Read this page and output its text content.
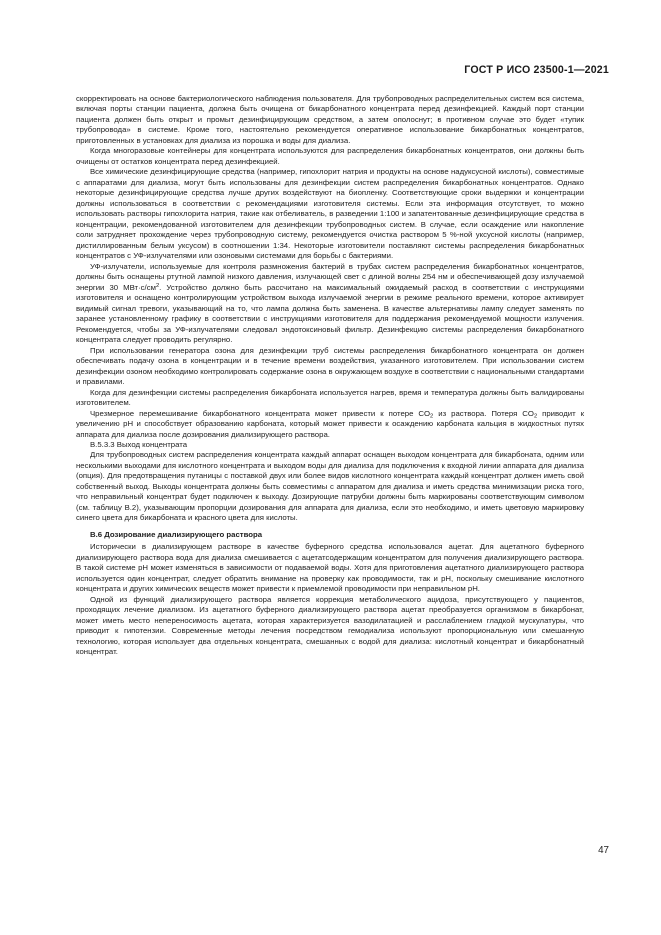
ГОСТ Р ИСО 23500-1—2021

скорректировать на основе бактериологического наблюдения пользователя. Для трубопроводных распределительных систем вся система, включая порты станции пациента, должна быть очищена от бикарбонатного концентрата перед дезинфекцией. Каждый порт станции пациента должен быть открыт и промыт дезинфицирующим средством, а затем ополоснут; в противном случае это будет «тупик трубопровода» в системе. Кроме того, настоятельно рекомендуется оперативное использование бикарбонатных концентратов, приготовленных в установках для диализа из порошка и воды для диализа.

Когда многоразовые контейнеры для концентрата используются для распределения бикарбонатных концентратов, они должны быть очищены от остатков концентрата перед дезинфекцией.

Все химические дезинфицирующие средства (например, гипохлорит натрия и продукты на основе надуксусной кислоты), совместимые с аппаратами для диализа, могут быть использованы для дезинфекции систем распределения бикарбонатных концентратов. Однако некоторые дезинфицирующие средства лучше других воздействуют на биопленку. Соответствующие сроки выдержки и концентрации должны использоваться в соответствии с рекомендациями изготовителя системы. Если эта информация отсутствует, то можно использовать растворы гипохлорита натрия, такие как отбеливатель, в разведении 1:100 и запатентованные дезинфицирующие средства в концентрации, рекомендованной изготовителем для дезинфекции трубопроводных систем. В случае, если осаждение или накопление соли затрудняет прохождение через трубопроводную систему, рекомендуется очистка раствором 5 %-ной уксусной кислоты (например, дистиллированным белым уксусом) в соотношении 1:34. Некоторые изготовители поставляют системы распределения бикарбонатных концентратов с УФ-излучателями или озоновыми системами для борьбы с бактериями.

УФ-излучатели, используемые для контроля размножения бактерий в трубах систем распределения бикарбонатных концентратов, должны быть оснащены ртутной лампой низкого давления, излучающей свет с длиной волны 254 нм и обеспечивающей дозу излучаемой энергии 30 $МВт\cdot с/см^2$. Устройство должно быть рассчитано на максимальный ожидаемый расход в соответствии с инструкциями изготовителя и оснащено контролирующим устройством выхода излучаемой энергии в режиме реального времени, которое активирует видимый сигнал тревоги, указывающий на то, что лампа должна быть заменена. В качестве альтернативы лампу следует заменять по заранее установленному графику в соответствии с инструкциями изготовителя для поддержания рекомендуемой мощности излучения. Рекомендуется, чтобы за УФ-излучателями следовал эндотоксиновый фильтр. Дезинфекцию системы распределения бикарбонатного концентрата следует проводить регулярно.

При использовании генератора озона для дезинфекции труб системы распределения бикарбонатного концентрата он должен обеспечивать подачу озона в концентрации и в течение времени воздействия, указанного изготовителем. При использовании систем дезинфекции озоном необходимо контролировать содержание озона в окружающем воздухе в соответствии с национальными стандартами и правилами.

Когда для дезинфекции системы распределения бикарбоната используется нагрев, время и температура должны быть валидированы изготовителем.

Чрезмерное перемешивание бикарбонатного концентрата может привести к потере $CO_2$ из раствора. Потеря $CO_2$ приводит к увеличению pH и способствует образованию карбоната, который может привести к осаждению карбоната кальция в жидкостных путях аппарата для диализа после дозирования диализирующего раствора.

B.5.3.3 Выход концентрата

Для трубопроводных систем распределения концентрата каждый аппарат оснащен выходом концентрата для бикарбоната, одним или несколькими выходами для кислотного концентрата и выходом воды для диализа для подключения к входной линии аппарата для диализа (опция). Для предотвращения путаницы с поставкой двух или более видов кислотного концентрата каждый концентрат должен иметь свой собственный выход. Выходы концентрата должны быть совместимы с аппаратом для диализа и иметь средства минимизации риска того, что неправильный концентрат будет подключен к выходу. Дозирующие патрубки должны быть маркированы соответствующим символом (см. таблицу B.2), указывающим пропорции дозирования для аппарата для диализа, если это необходимо, и иметь цветовую маркировку синего цвета для бикарбоната и красного цвета для кислоты.

B.6 Дозирование диализирующего раствора

Исторически в диализирующем растворе в качестве буферного средства использовался ацетат. Для ацетатного буферного диализирующего раствора вода для диализа смешивается с ацетатсодержащим концентратом для получения диализирующего раствора. В такой системе pH может изменяться в зависимости от подаваемой воды. Хотя для приготовления ацетатного диализирующего раствора используется один концентрат, следует обратить внимание на проверку как проводимости, так и pH, поскольку смешивание кислотного концентрата и других химических веществ может привести к приемлемой проводимости при неправильном pH.

Одной из функций диализирующего раствора является коррекция метаболического ацидоза, присутствующего у пациентов, проходящих лечение диализом. Из ацетатного буферного диализирующего раствора ацетат преобразуется организмом в бикарбонат, может иметь место непереносимость ацетата, которая характеризуется вазодилатацией и расслаблением гладкой мускулатуры, что приводит к гипотензии. Современные методы лечения посредством гемодиализа используют пропорциональную или смешанную технологию, которая использует два отдельных концентрата, смешанных с водой для диализа: кислотный концентрат и бикарбонатный концентрат.

47
